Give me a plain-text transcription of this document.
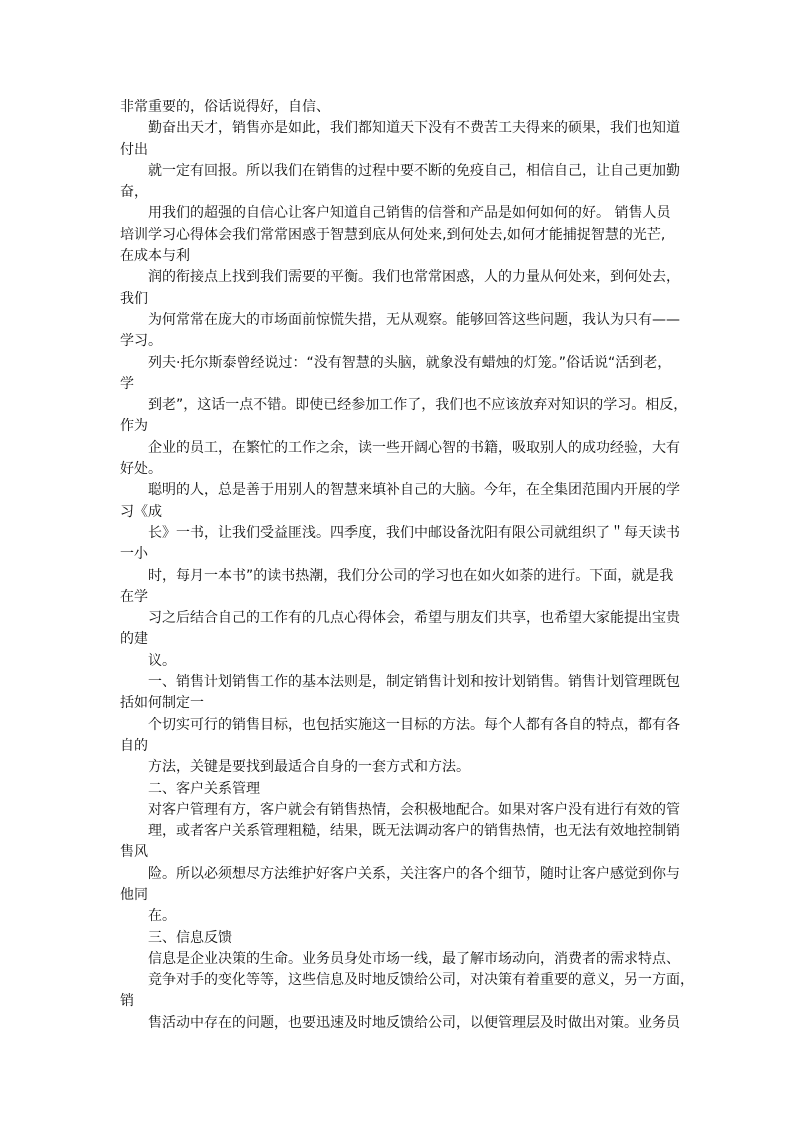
非常重要的，俗话说得好，自信、
勤奋出天才，销售亦是如此，我们都知道天下没有不费苦工夫得来的硕果，我们也知道
付出
就一定有回报。所以我们在销售的过程中要不断的免疫自己，相信自己，让自己更加勤
奋，
用我们的超强的自信心让客户知道自己销售的信誉和产品是如何如何的好。 销售人员
培训学习心得体会我们常常困惑于智慧到底从何处来,到何处去,如何才能捕捉智慧的光芒,
在成本与利
润的衔接点上找到我们需要的平衡。我们也常常困惑，人的力量从何处来，到何处去，
我们
为何常常在庞大的市场面前惊慌失措，无从观察。能够回答这些问题，我认为只有——
学习。
列夫·托尔斯泰曾经说过：“没有智慧的头脑，就象没有蜡烛的灯笼。”俗话说“活到老，
学
到老”，这话一点不错。即使已经参加工作了，我们也不应该放弃对知识的学习。相反，
作为
企业的员工，在繁忙的工作之余，读一些开阔心智的书籍，吸取别人的成功经验，大有
好处。
聪明的人，总是善于用别人的智慧来填补自己的大脑。今年，在全集团范围内开展的学
习《成
长》一书，让我们受益匪浅。四季度，我们中邮设备沈阳有限公司就组织了＂每天读书
一小
时，每月一本书”的读书热潮，我们分公司的学习也在如火如荼的进行。下面，就是我
在学
习之后结合自己的工作有的几点心得体会，希望与朋友们共享，也希望大家能提出宝贵
的建
议。
一、销售计划销售工作的基本法则是，制定销售计划和按计划销售。销售计划管理既包
括如何制定一
个切实可行的销售目标，也包括实施这一目标的方法。每个人都有各自的特点，都有各
自的
方法，关键是要找到最适合自身的一套方式和方法。
二、客户关系管理
对客户管理有方，客户就会有销售热情，会积极地配合。如果对客户没有进行有效的管
理，或者客户关系管理粗糙，结果，既无法调动客户的销售热情，也无法有效地控制销
售风
险。所以必须想尽方法维护好客户关系，关注客户的各个细节，随时让客户感觉到你与
他同
在。
三、信息反馈
信息是企业决策的生命。业务员身处市场一线，最了解市场动向，消费者的需求特点、
竞争对手的变化等等，这些信息及时地反馈给公司，对决策有着重要的意义，另一方面，
销
售活动中存在的问题，也要迅速及时地反馈给公司，以便管理层及时做出对策。业务员
